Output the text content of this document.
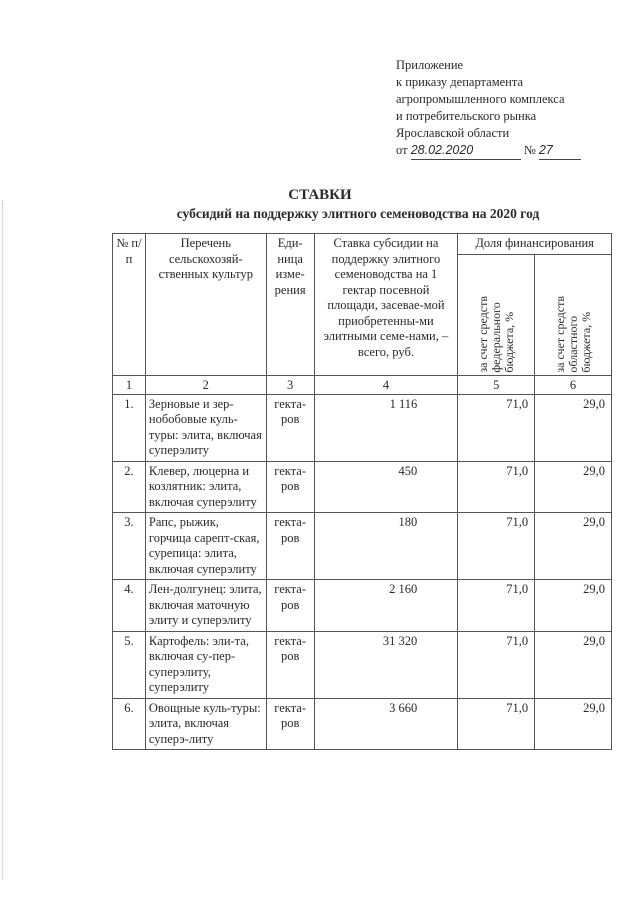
Приложение
к приказу департамента
агропромышленного комплекса
и потребительского рынка
Ярославской области
от 28.02.2020	№ 27
СТАВКИ
субсидий на поддержку элитного семеноводства на 2020 год
№ п/п	Перечень сельскохозяй-ственных культур	Еди-ница изме-рения	Ставка субсидии на поддержку элитного семеноводства на 1 гектар посевной площади, засевае-мой приобретенны-ми элитными семе-нами, – всего, руб.	Доля финансирования	

				за счет средств
федерального
бюджета, %	за счет средств
областного
бюджета, %

1	2	3	4	5	6
1.	Зерновые и зер-нобобовые куль-туры: элита, включая суперэлиту	гекта-ров	1 116	71,0	29,0
2.	Клевер, люцерна и козлятник: элита, включая суперэлиту	гекта-ров	450	71,0	29,0
3.	Рапс, рыжик, горчица сарепт-ская, сурепица: элита, включая суперэлиту	гекта-ров	180	71,0	29,0
4.	Лен-долгунец: элита, включая маточную элиту и суперэлиту	гекта-ров	2 160	71,0	29,0
5.	Картофель: эли-та, включая су-пер-суперэлиту, суперэлиту	гекта-ров	31 320	71,0	29,0
6.	Овощные куль-туры: элита, включая суперэ-литу	гекта-ров	3 660	71,0	29,0
